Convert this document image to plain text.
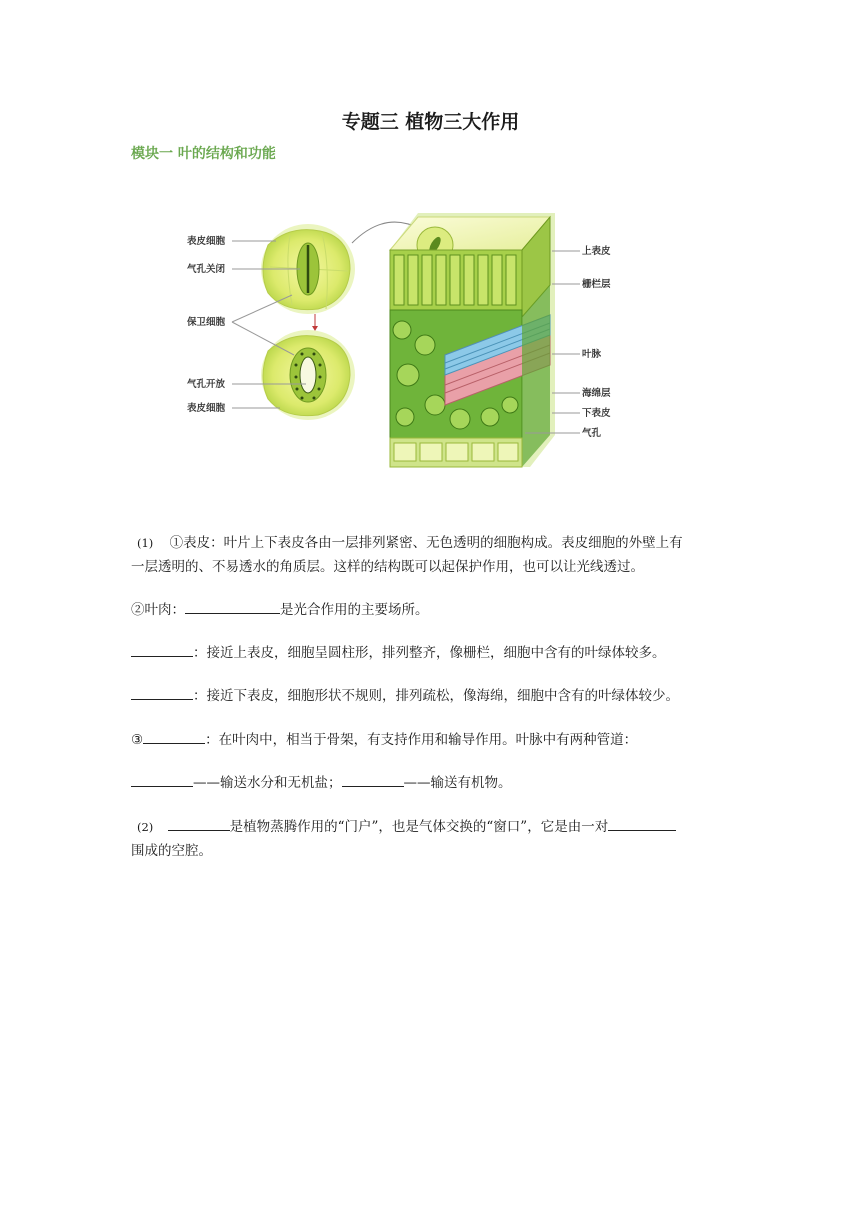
专题三 植物三大作用
模块一 叶的结构和功能
表皮细胞
气孔关闭
保卫细胞
气孔开放
表皮细胞
上表皮
栅栏层
叶脉
海绵层
下表皮
气孔
(1) ①表皮：叶片上下表皮各由一层排列紧密、无色透明的细胞构成。表皮细胞的外壁上有
一层透明的、不易透水的角质层。这样的结构既可以起保护作用，也可以让光线透过。
②叶肉：	是光合作用的主要场所。
：接近上表皮，细胞呈圆柱形，排列整齐，像栅栏，细胞中含有的叶绿体较多。
：接近下表皮，细胞形状不规则，排列疏松，像海绵，细胞中含有的叶绿体较少。
③	：在叶肉中，相当于骨架，有支持作用和输导作用。叶脉中有两种管道：
——输送水分和无机盐；	——输送有机物。
(2)	是植物蒸腾作用的“门户”，也是气体交换的“窗口”，它是由一对
围成的空腔。
